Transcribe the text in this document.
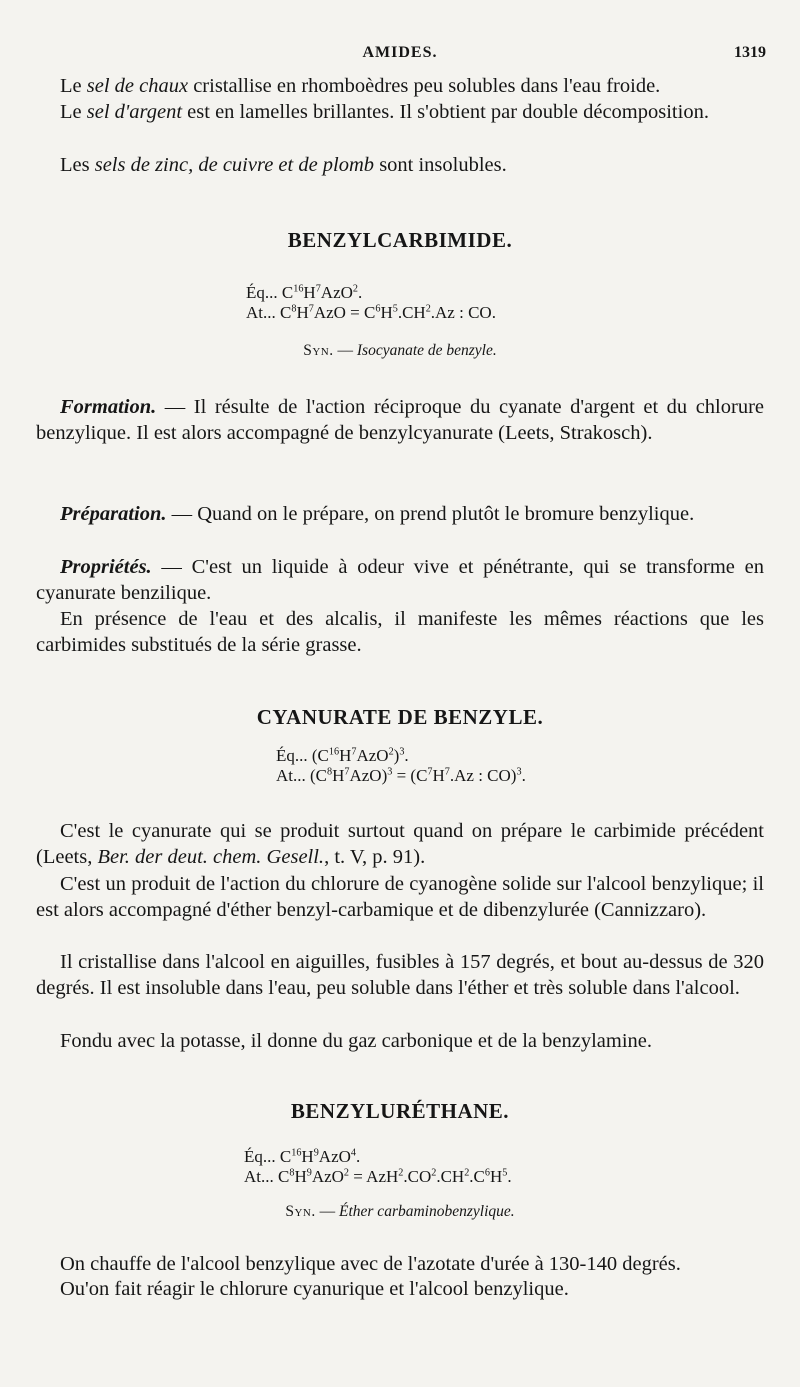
AMIDES.	1319

Le sel de chaux cristallise en rhomboèdres peu solubles dans l'eau froide.

Le sel d'argent est en lamelles brillantes. Il s'obtient par double décomposition.

Les sels de zinc, de cuivre et de plomb sont insolubles.

BENZYLCARBIMIDE.
Éq... $C^{16}H^7AzO^2$.
At... $C^8H^7AzO = C^6H^5.CH^2.Az$ : CO.
Syn. — Isocyanate de benzyle.

Formation. — Il résulte de l'action réciproque du cyanate d'argent et du chlorure benzylique. Il est alors accompagné de benzylcyanurate (Leets, Strakosch).

Préparation. — Quand on le prépare, on prend plutôt le bromure benzylique.

Propriétés. — C'est un liquide à odeur vive et pénétrante, qui se transforme en cyanurate benzilique.

En présence de l'eau et des alcalis, il manifeste les mêmes réactions que les carbimides substitués de la série grasse.

CYANURATE DE BENZYLE.
Éq... $(C^{16}H^7AzO^2)^3$.
At... $(C^8H^7AzO)^3 = (C^7H^7.Az$ : CO)$^3$.

C'est le cyanurate qui se produit surtout quand on prépare le carbimide précédent (Leets, Ber. der deut. chem. Gesell., t. V, p. 91).

C'est un produit de l'action du chlorure de cyanogène solide sur l'alcool benzylique; il est alors accompagné d'éther benzyl-carbamique et de dibenzylurée (Cannizzaro).

Il cristallise dans l'alcool en aiguilles, fusibles à 157 degrés, et bout au-dessus de 320 degrés. Il est insoluble dans l'eau, peu soluble dans l'éther et très soluble dans l'alcool.

Fondu avec la potasse, il donne du gaz carbonique et de la benzylamine.

BENZYLURÉTHANE.
Éq... $C^{16}H^9AzO^4$.
At... $C^8H^9AzO^2 = AzH^2.CO^2.CH^2.C^6H^5$.
Syn. — Éther carbaminobenzylique.

On chauffe de l'alcool benzylique avec de l'azotate d'urée à 130-140 degrés.

Ou'on fait réagir le chlorure cyanurique et l'alcool benzylique.
